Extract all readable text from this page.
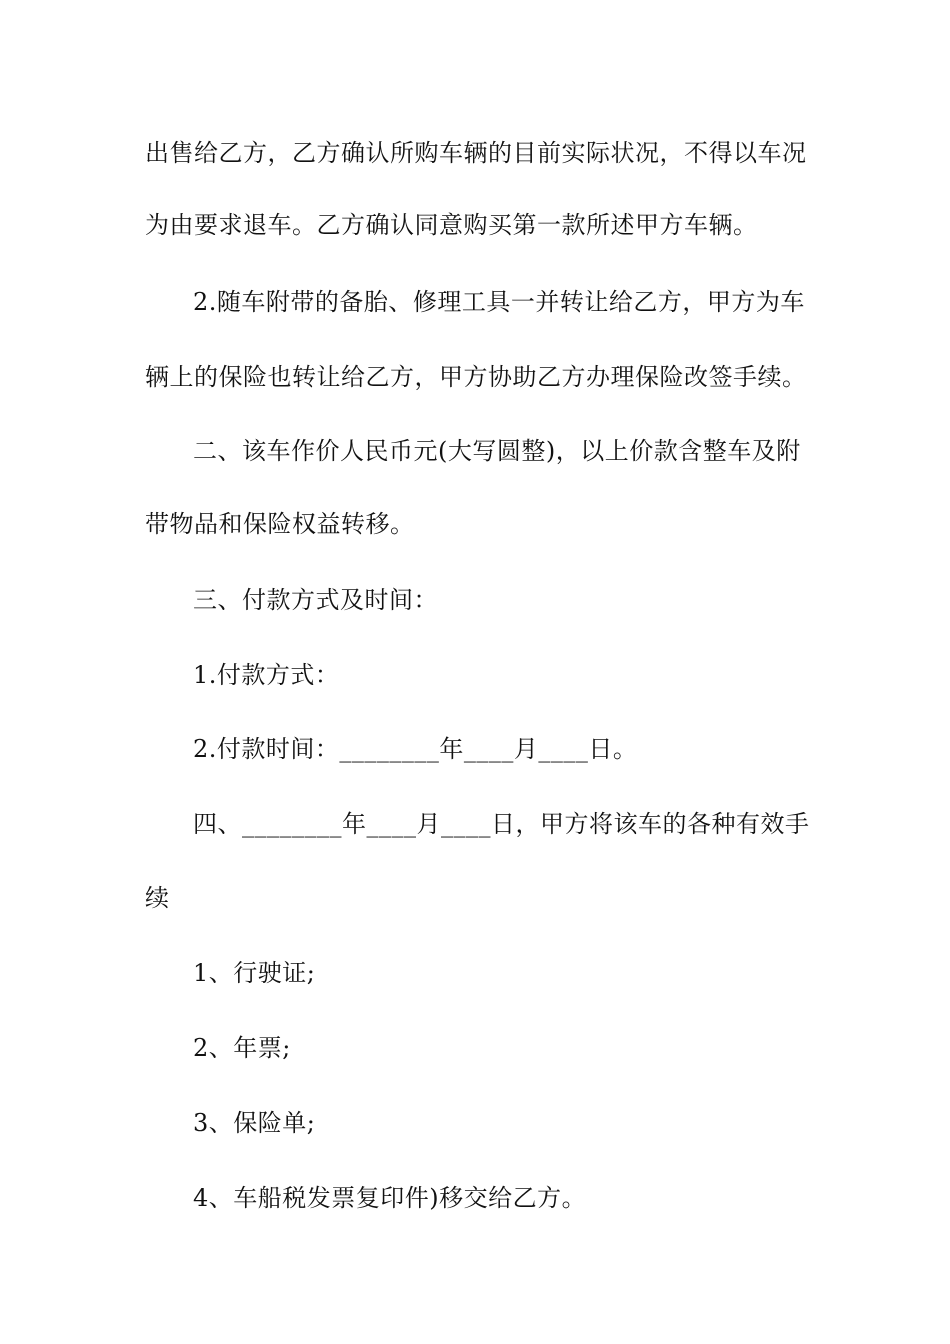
出售给乙方，乙方确认所购车辆的目前实际状况，不得以车况

为由要求退车。乙方确认同意购买第一款所述甲方车辆。

2.随车附带的备胎、修理工具一并转让给乙方，甲方为车

辆上的保险也转让给乙方，甲方协助乙方办理保险改签手续。

二、该车作价人民币元(大写圆整)，以上价款含整车及附

带物品和保险权益转移。

三、付款方式及时间：

1.付款方式：

2.付款时间：________年____月____日。

四、________年____月____日，甲方将该车的各种有效手

续

1、行驶证;

2、年票;

3、保险单;

4、车船税发票复印件)移交给乙方。
